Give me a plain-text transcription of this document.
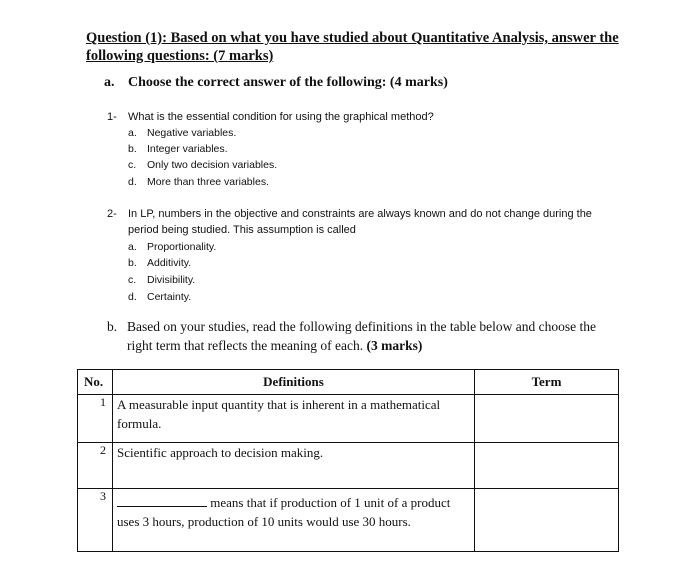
Question (1): Based on what you have studied about Quantitative Analysis, answer the
following questions: (7 marks)
a. Choose the correct answer of the following: (4 marks)
1- What is the essential condition for using the graphical method?
a. Negative variables.
b. Integer variables.
c. Only two decision variables.
d. More than three variables.
2- In LP, numbers in the objective and constraints are always known and do not change during the
period being studied. This assumption is called
a. Proportionality.
b. Additivity.
c. Divisibility.
d. Certainty.
b. Based on your studies, read the following definitions in the table below and choose the
right term that reflects the meaning of each. (3 marks)
No.	Definitions	Term
1	A measurable input quantity that is inherent in a mathematical formula.	
2	Scientific approach to decision making.	
3	means that if production of 1 unit of a product
uses 3 hours, production of 10 units would use 30 hours.	
